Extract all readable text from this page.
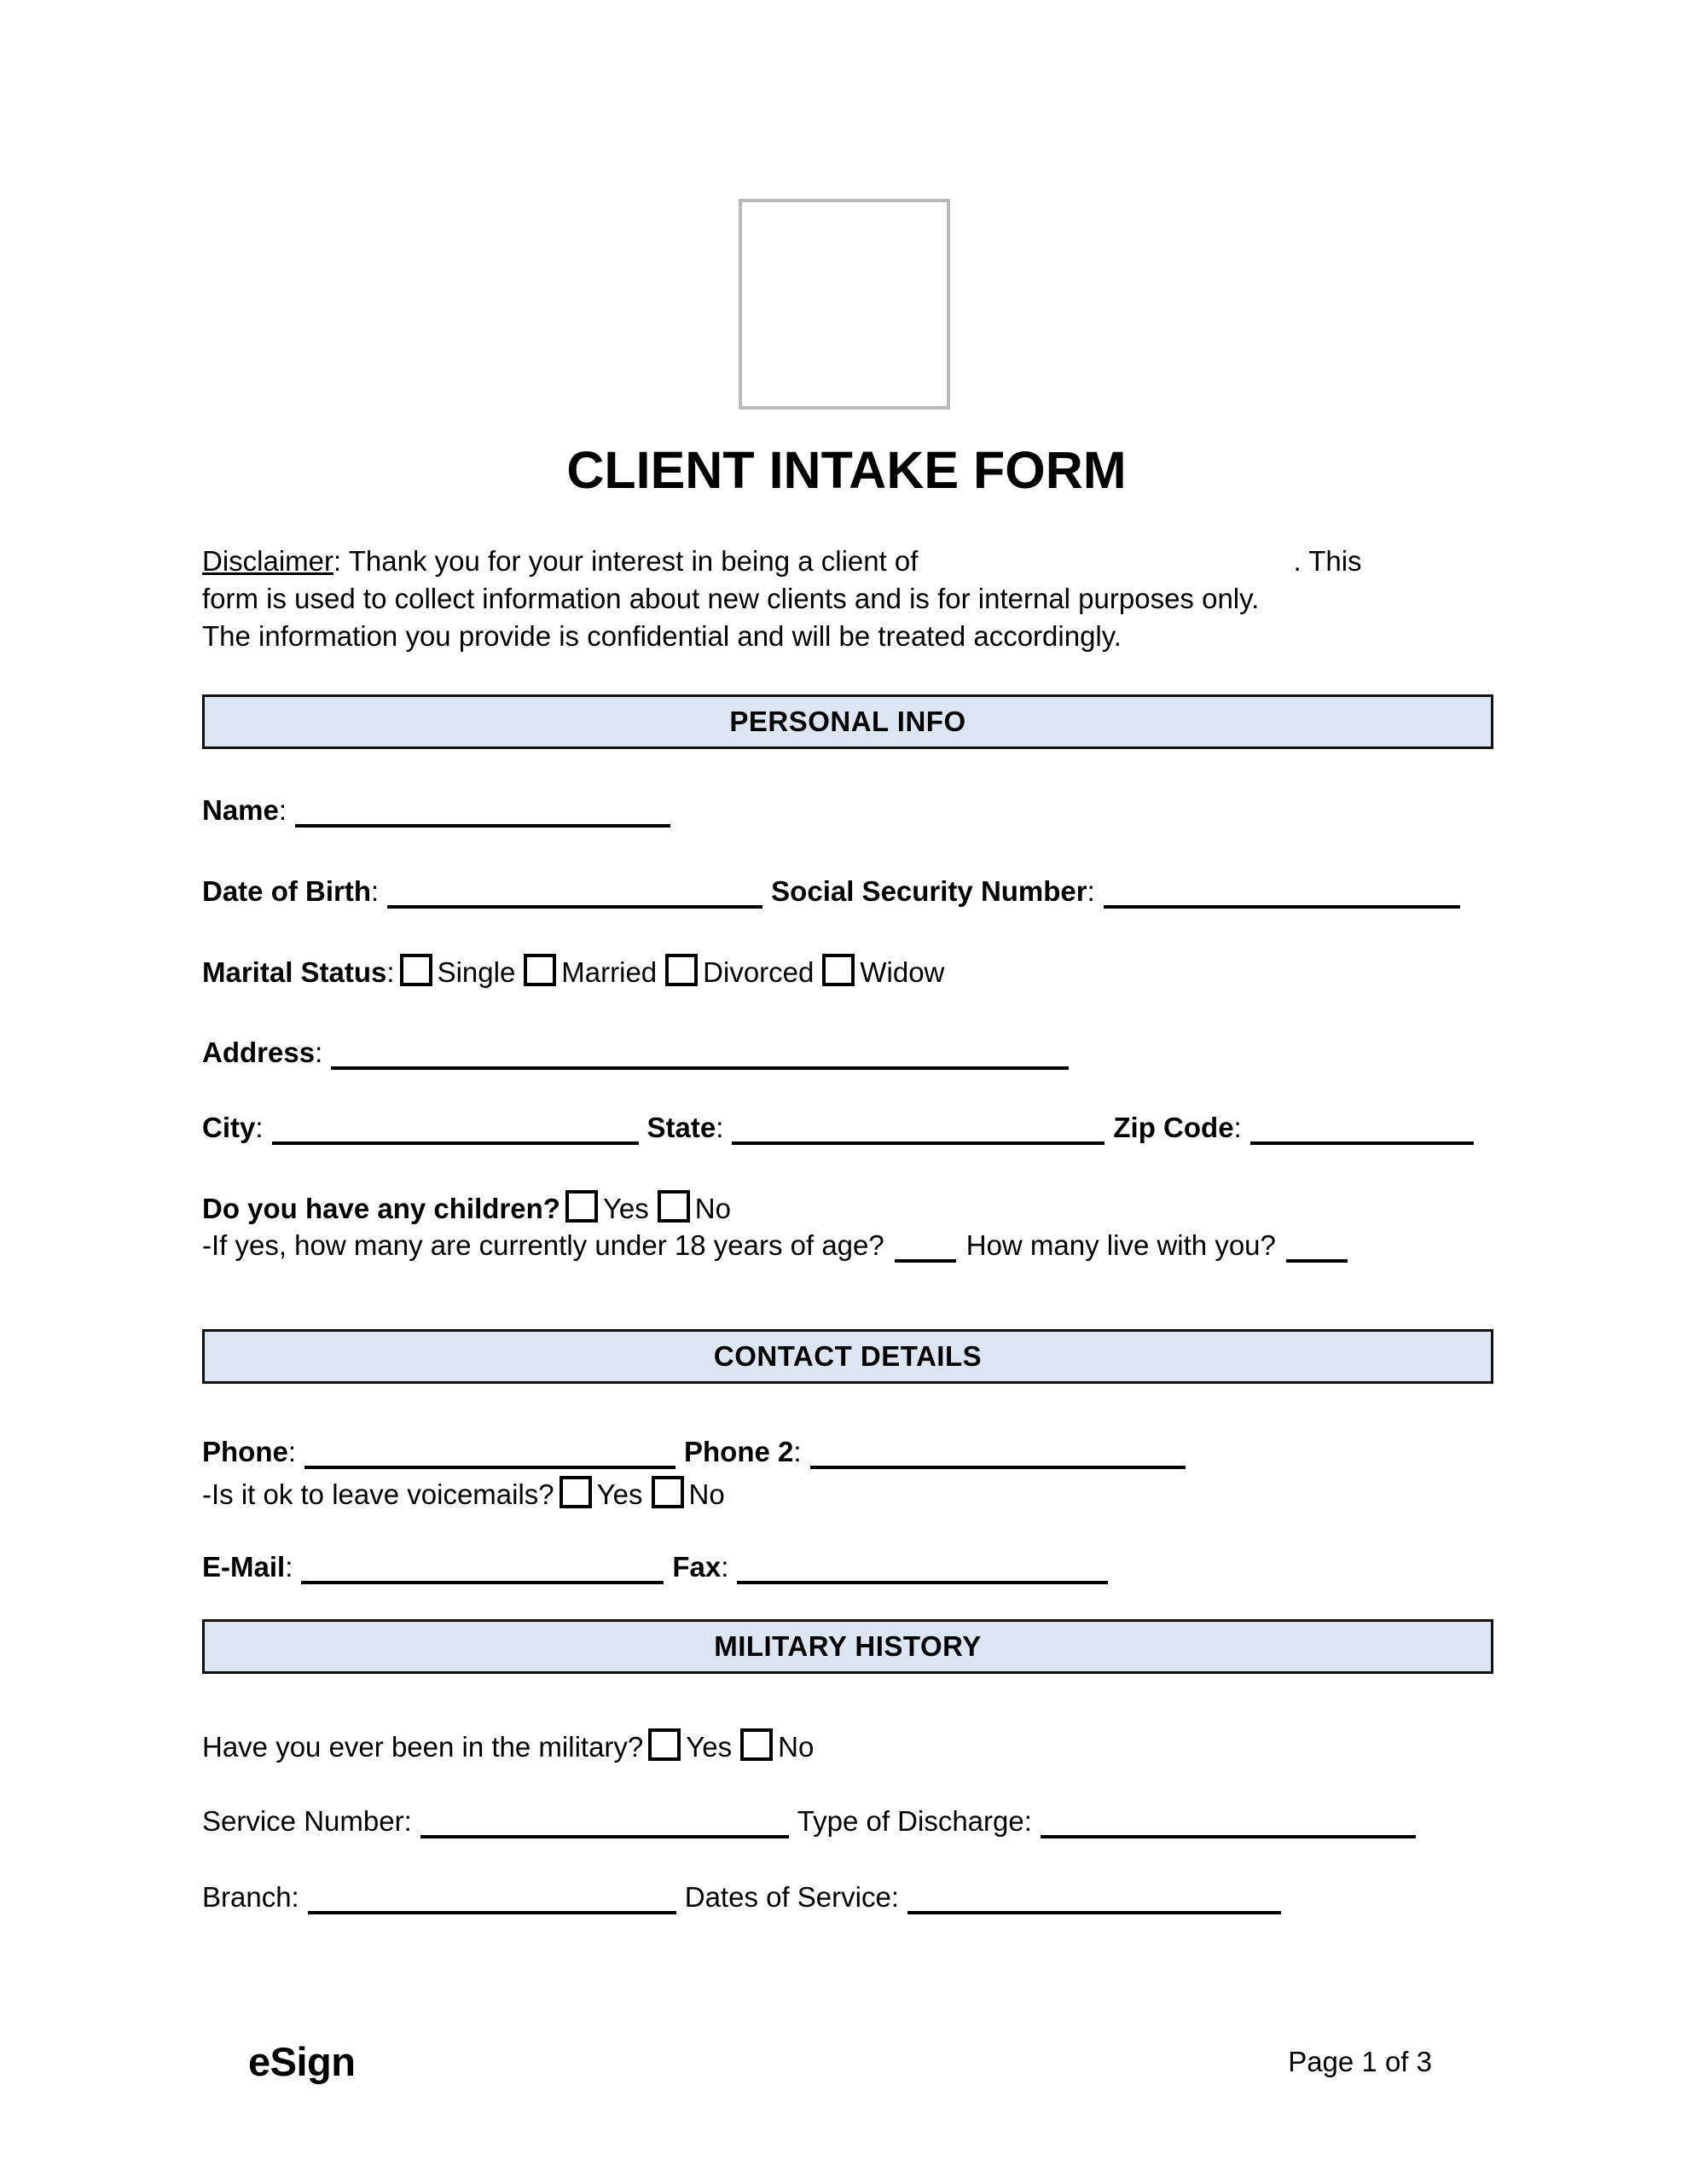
CLIENT INTAKE FORM
Disclaimer: Thank you for your interest in being a client of	. This
form is used to collect information about new clients and is for internal purposes only.
The information you provide is confidential and will be treated accordingly.
PERSONAL INFO
Name:
Date of Birth:	Social Security Number:
Marital Status: Single Married Divorced Widow
Address:
City:	State:	Zip Code:
Do you have any children? Yes No
-If yes, how many are currently under 18 years of age?	How many live with you?
CONTACT DETAILS
Phone:	Phone 2:
-Is it ok to leave voicemails? Yes No
E-Mail:	Fax:
MILITARY HISTORY
Have you ever been in the military? Yes No
Service Number:	Type of Discharge:
Branch:	Dates of Service:
eSign	Page 1 of 3
